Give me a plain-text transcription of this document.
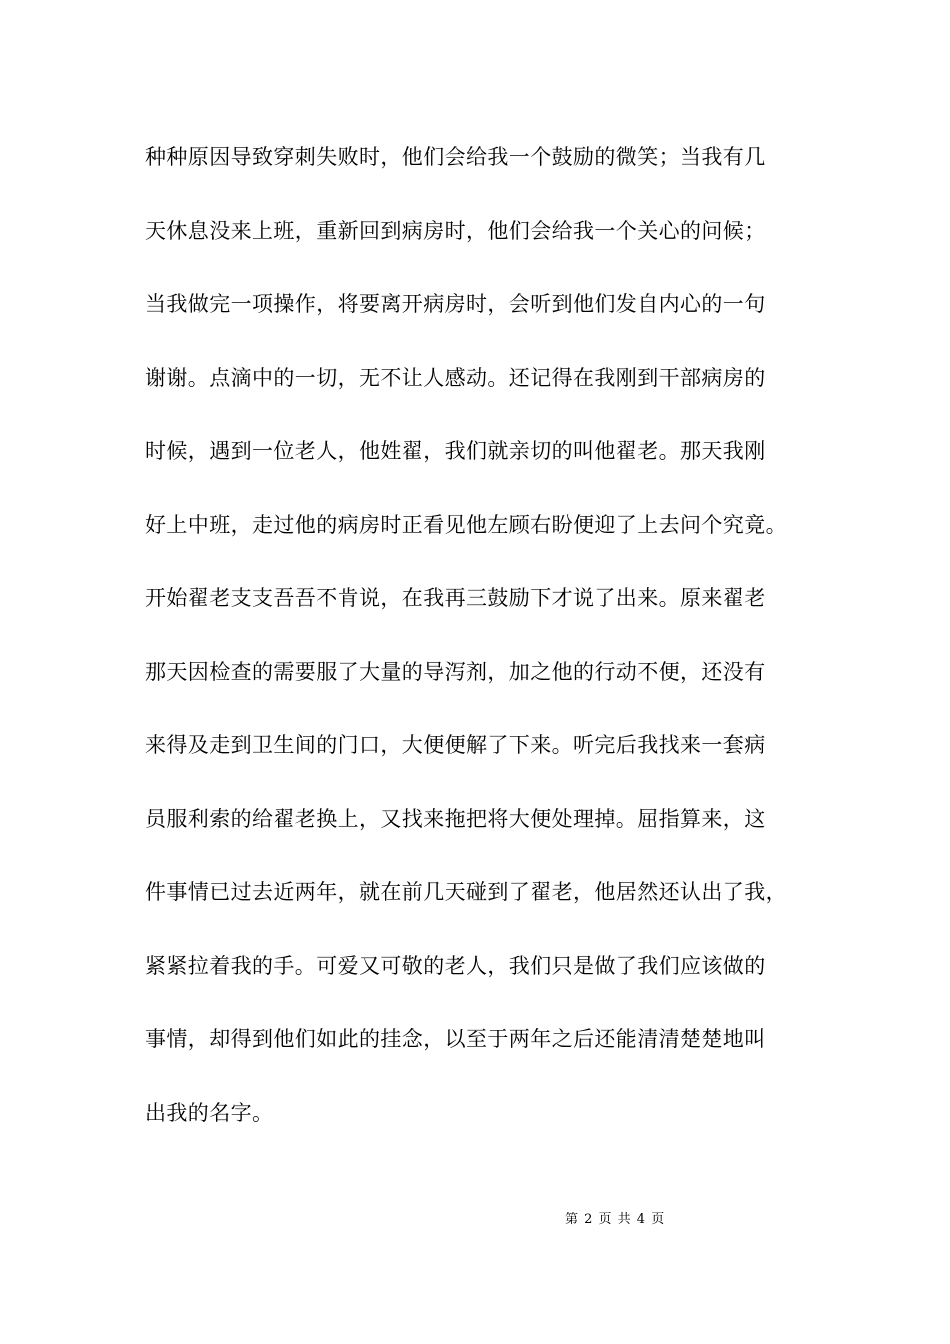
种种原因导致穿刺失败时，他们会给我一个鼓励的微笑；当我有几
天休息没来上班，重新回到病房时，他们会给我一个关心的问候；
当我做完一项操作，将要离开病房时，会听到他们发自内心的一句
谢谢。点滴中的一切，无不让人感动。还记得在我刚到干部病房的
时候，遇到一位老人，他姓翟，我们就亲切的叫他翟老。那天我刚
好上中班，走过他的病房时正看见他左顾右盼便迎了上去问个究竟。
开始翟老支支吾吾不肯说，在我再三鼓励下才说了出来。原来翟老
那天因检查的需要服了大量的导泻剂，加之他的行动不便，还没有
来得及走到卫生间的门口，大便便解了下来。听完后我找来一套病
员服利索的给翟老换上，又找来拖把将大便处理掉。屈指算来，这
件事情已过去近两年，就在前几天碰到了翟老，他居然还认出了我，
紧紧拉着我的手。可爱又可敬的老人，我们只是做了我们应该做的
事情，却得到他们如此的挂念，以至于两年之后还能清清楚楚地叫
出我的名字。
第 2 页 共 4 页
